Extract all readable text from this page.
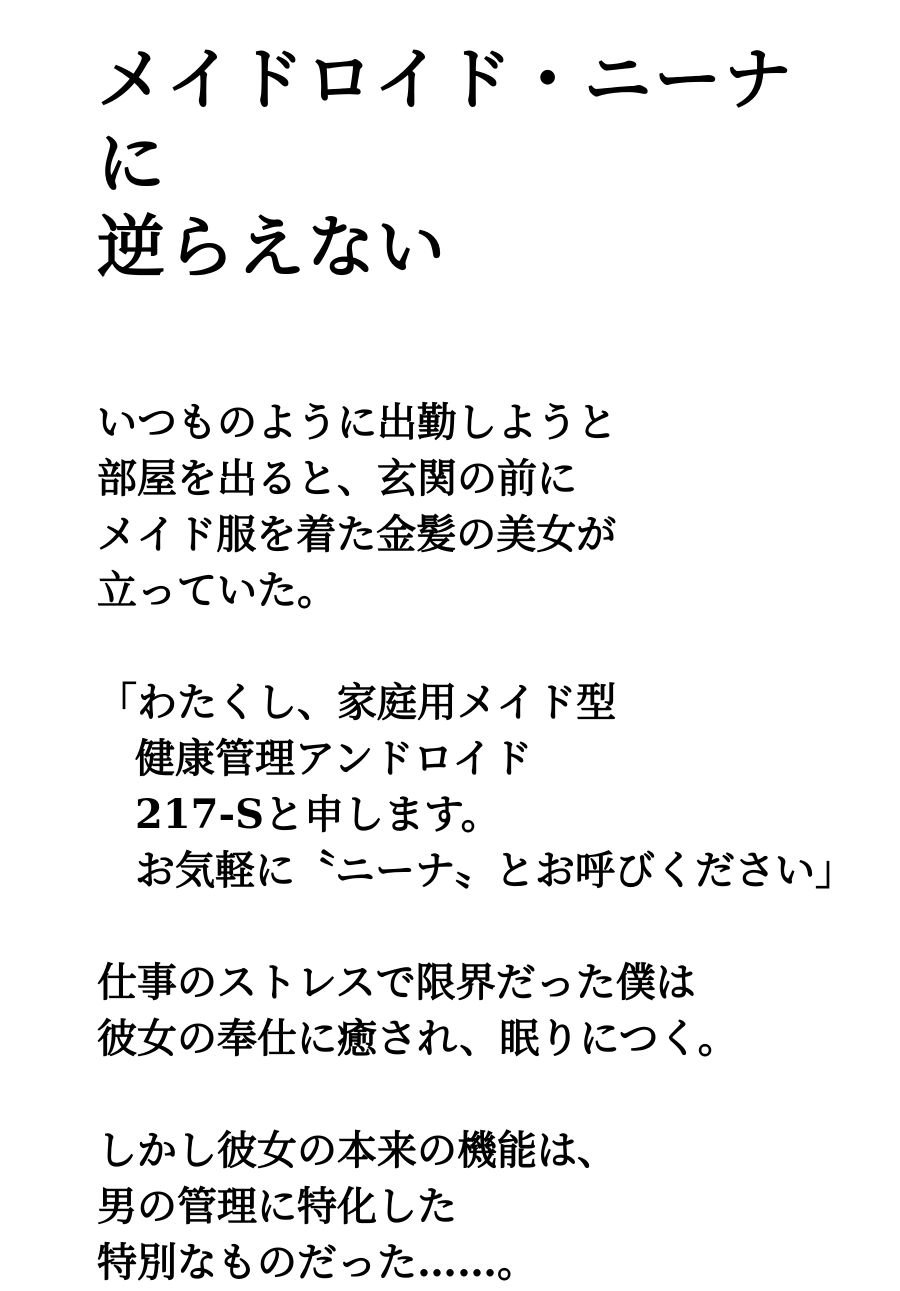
メイドロイド・ニーナ
に
逆らえない

いつものように出勤しようと
部屋を出ると、玄関の前に
メイド服を着た金髪の美女が
立っていた。

「わたくし、家庭用メイド型
健康管理アンドロイド
217-Sと申します。
お気軽に〝ニーナ〟とお呼びください」

仕事のストレスで限界だった僕は
彼女の奉仕に癒され、眠りにつく。

しかし彼女の本来の機能は、
男の管理に特化した
特別なものだった……。
